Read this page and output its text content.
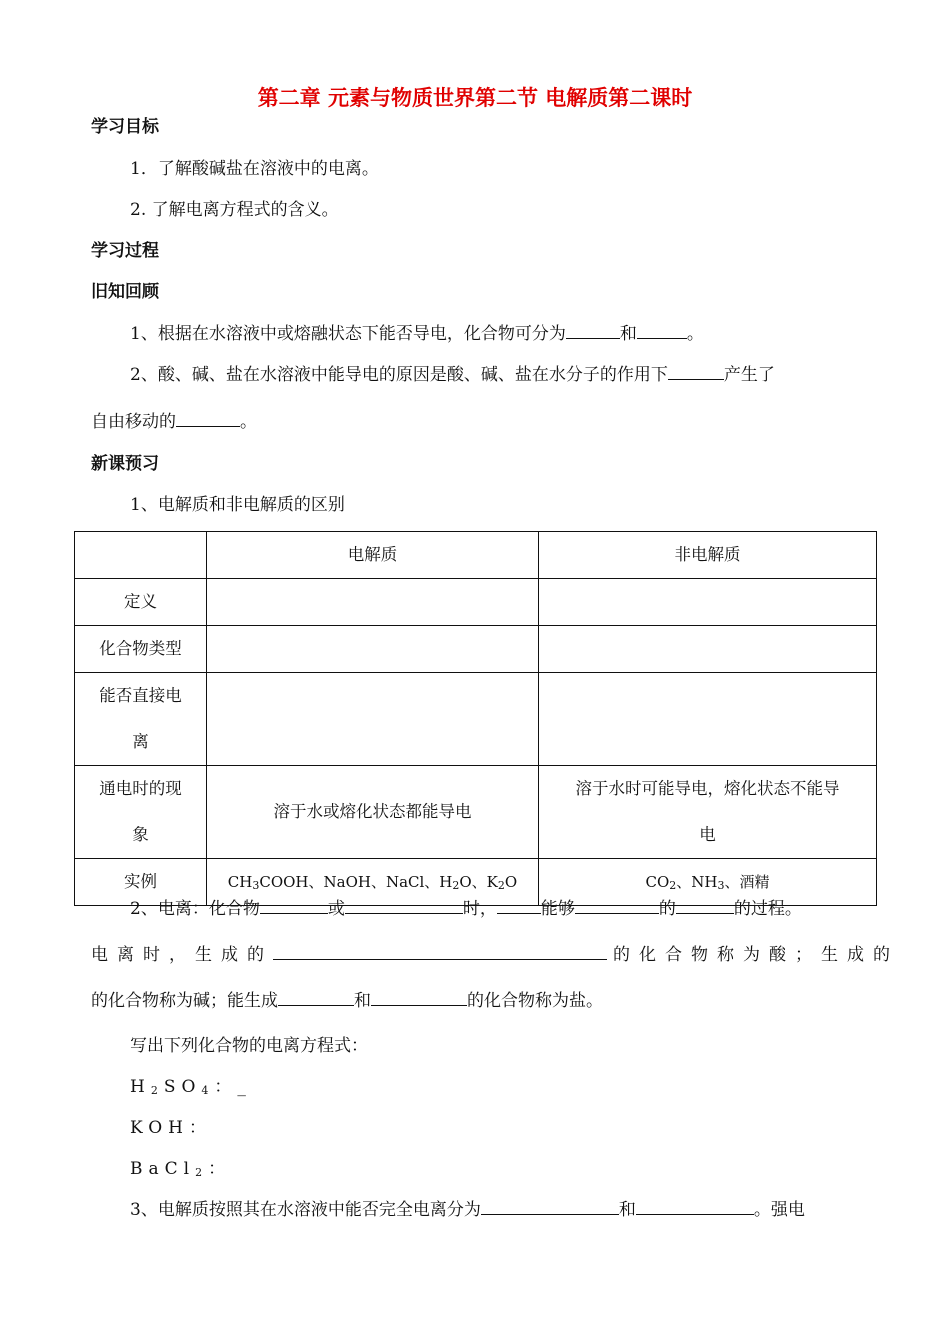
第二章 元素与物质世界第二节 电解质第二课时
学习目标
1．了解酸碱盐在溶液中的电离。
2. 了解电离方程式的含义。
学习过程
旧知回顾
1、根据在水溶液中或熔融状态下能否导电，化合物可分为	和	。
2、酸、碱、盐在水溶液中能导电的原因是酸、碱、盐在水分子的作用下	产生了
自由移动的	。
新课预习
1、电解质和非电解质的区别
	电解质	非电解质
定义		
化合物类型		
能否直接电
离		
通电时的现
象	溶于水或熔化状态都能导电	溶于水时可能导电，熔化状态不能导
电
实例	$CH_3COOH$、NaOH、NaCl、$H_2O$、$K_2O$	$CO_2$、$NH_3$、酒精
2、电离：化合物	或	时，	能够	的	的过程。
电离时，生成的	的化合物称为酸；生成的
的化合物称为碱；能生成	和	的化合物称为盐。
写出下列化合物的电离方程式：
$H_2SO_4$：_
KOH：
BaCl$_2$：
3、电解质按照其在水溶液中能否完全电离分为	和	。强电
